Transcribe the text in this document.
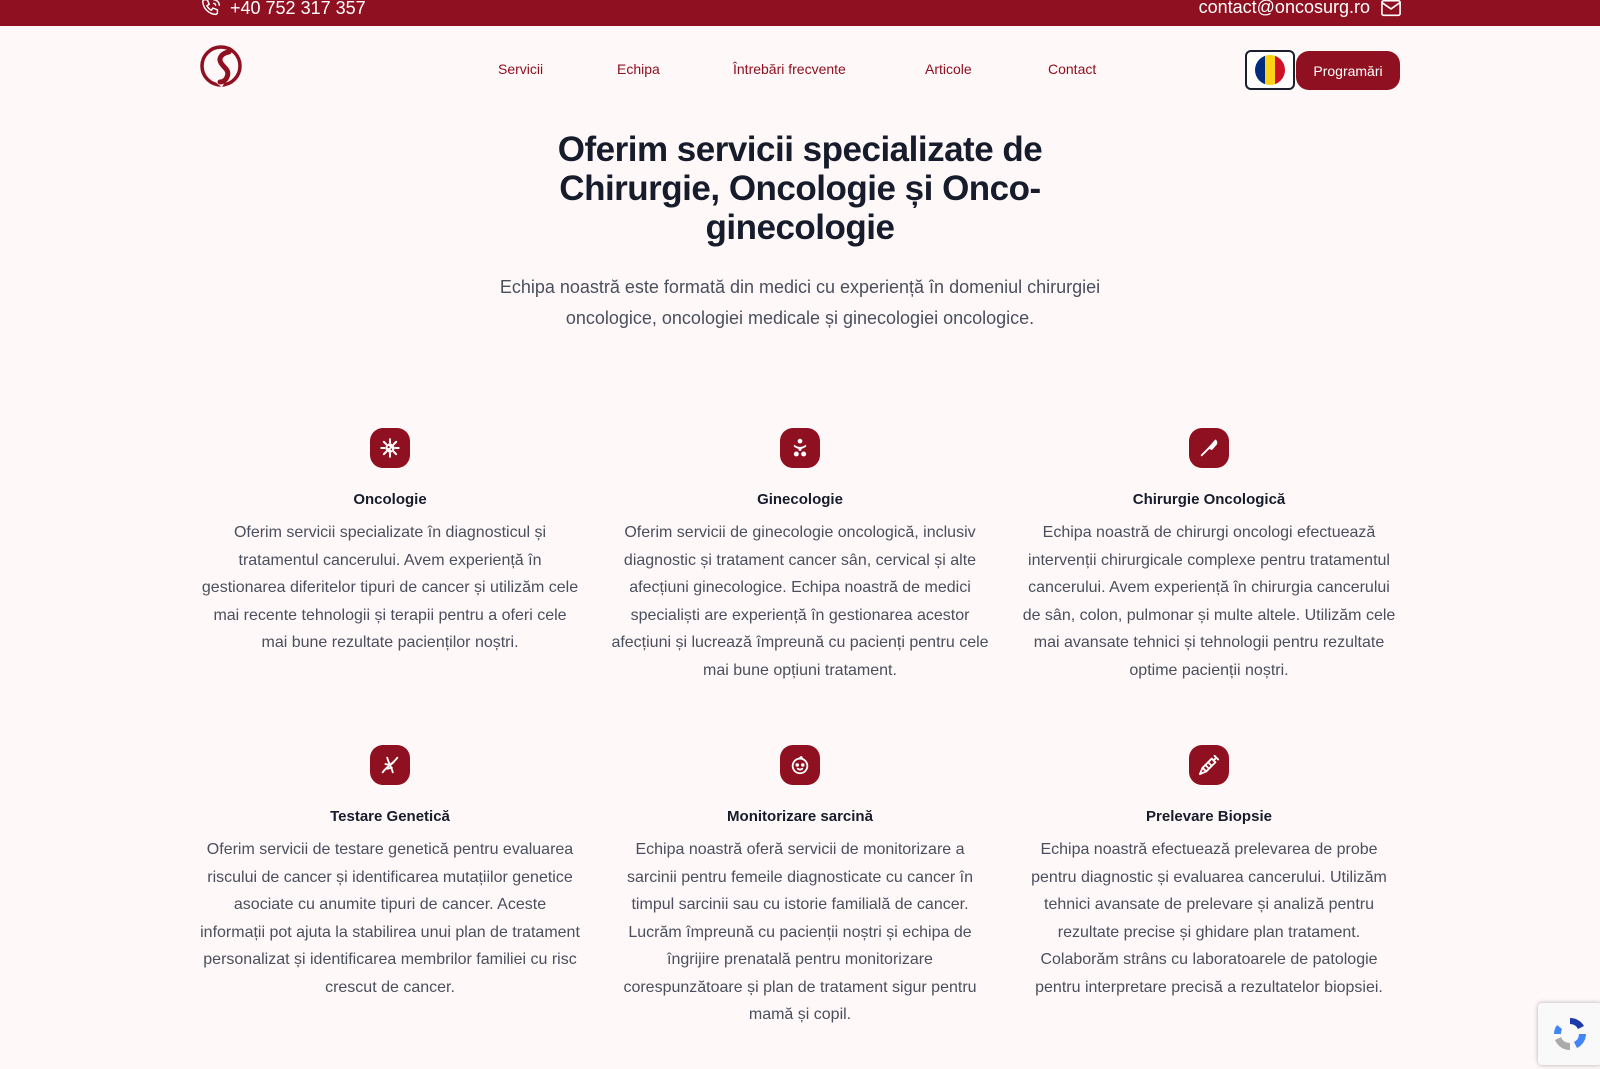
+40 752 317 357	contact@oncosurg.ro
Servicii	Echipa	Întrebări frecvente	Articole	Contact	Programări
Oferim servicii specializate de Chirurgie, Oncologie și Onco-ginecologie

Echipa noastră este formată din medici cu experiență în domeniul chirurgiei oncologice, oncologiei medicale și ginecologiei oncologice.

Oncologie

Oferim servicii specializate în diagnosticul și tratamentul cancerului. Avem experiență în gestionarea diferitelor tipuri de cancer și utilizăm cele mai recente tehnologii și terapii pentru a oferi cele mai bune rezultate pacienților noștri.

Ginecologie

Oferim servicii de ginecologie oncologică, inclusiv diagnostic și tratament cancer sân, cervical și alte afecțiuni ginecologice. Echipa noastră de medici specialiști are experiență în gestionarea acestor afecțiuni și lucrează împreună cu pacienți pentru cele mai bune opțiuni tratament.

Chirurgie Oncologică

Echipa noastră de chirurgi oncologi efectuează intervenții chirurgicale complexe pentru tratamentul cancerului. Avem experiență în chirurgia cancerului de sân, colon, pulmonar și multe altele. Utilizăm cele mai avansate tehnici și tehnologii pentru rezultate optime pacienții noștri.

Testare Genetică

Oferim servicii de testare genetică pentru evaluarea riscului de cancer și identificarea mutațiilor genetice asociate cu anumite tipuri de cancer. Aceste informații pot ajuta la stabilirea unui plan de tratament personalizat și identificarea membrilor familiei cu risc crescut de cancer.

Monitorizare sarcină

Echipa noastră oferă servicii de monitorizare a sarcinii pentru femeile diagnosticate cu cancer în timpul sarcinii sau cu istorie familială de cancer. Lucrăm împreună cu pacienții noștri și echipa de îngrijire prenatală pentru monitorizare corespunzătoare și plan de tratament sigur pentru mamă și copil.

Prelevare Biopsie

Echipa noastră efectuează prelevarea de probe pentru diagnostic și evaluarea cancerului. Utilizăm tehnici avansate de prelevare și analiză pentru rezultate precise și ghidare plan tratament. Colaborăm strâns cu laboratoarele de patologie pentru interpretare precisă a rezultatelor biopsiei.
